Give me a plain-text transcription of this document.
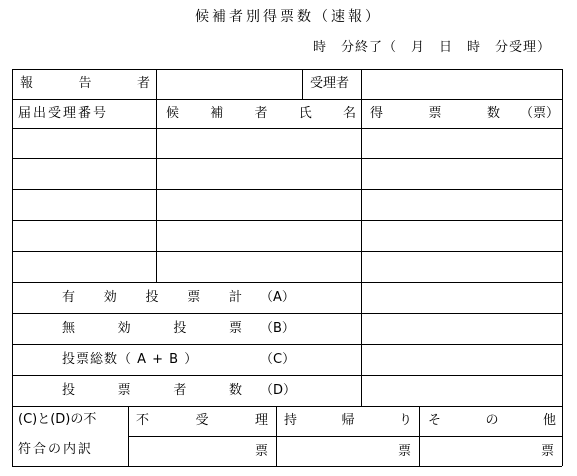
候補者別得票数（速報）
時　分終了（　月　日　時　分受理）
報　　告　　者	受理者
届出受理番号	候　補　者　氏　名 得　票　数 （票）
有　効　投　票　計 （A）
無　効　投　票 （B）
投票総数（ A + B ）	（C）
投　票　者　数 （D）
(C)と(D)の不
符合の内訳
不　受　理 持　帰　り そ　の　他
票	票	票
